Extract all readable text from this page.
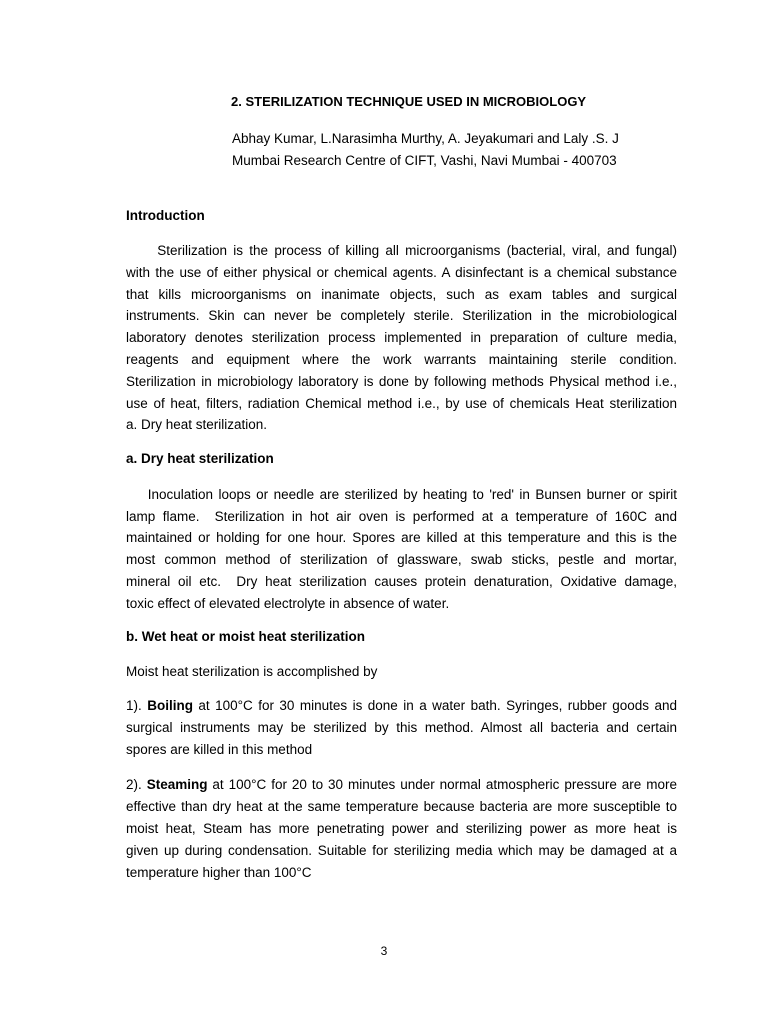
2. STERILIZATION TECHNIQUE USED IN MICROBIOLOGY
Abhay Kumar, L.Narasimha Murthy, A. Jeyakumari and Laly .S. J
Mumbai Research Centre of CIFT, Vashi, Navi Mumbai - 400703
Introduction
Sterilization is the process of killing all microorganisms (bacterial, viral, and fungal)
with the use of either physical or chemical agents. A disinfectant is a chemical substance
that kills microorganisms on inanimate objects, such as exam tables and surgical
instruments. Skin can never be completely sterile. Sterilization in the microbiological
laboratory denotes sterilization process implemented in preparation of culture media,
reagents and equipment where the work warrants maintaining sterile condition.
Sterilization in microbiology laboratory is done by following methods Physical method i.e.,
use of heat, filters, radiation Chemical method i.e., by use of chemicals Heat sterilization
a. Dry heat sterilization.
a. Dry heat sterilization
Inoculation loops or needle are sterilized by heating to 'red' in Bunsen burner or spirit
lamp flame.  Sterilization in hot air oven is performed at a temperature of 160C and
maintained or holding for one hour. Spores are killed at this temperature and this is the
most common method of sterilization of glassware, swab sticks, pestle and mortar,
mineral oil etc.  Dry heat sterilization causes protein denaturation, Oxidative damage,
toxic effect of elevated electrolyte in absence of water.
b. Wet heat or moist heat sterilization
Moist heat sterilization is accomplished by
1). Boiling at 100°C for 30 minutes is done in a water bath. Syringes, rubber goods and
surgical instruments may be sterilized by this method. Almost all bacteria and certain
spores are killed in this method
2). Steaming at 100°C for 20 to 30 minutes under normal atmospheric pressure are more
effective than dry heat at the same temperature because bacteria are more susceptible to
moist heat, Steam has more penetrating power and sterilizing power as more heat is
given up during condensation. Suitable for sterilizing media which may be damaged at a
temperature higher than 100°C
3
